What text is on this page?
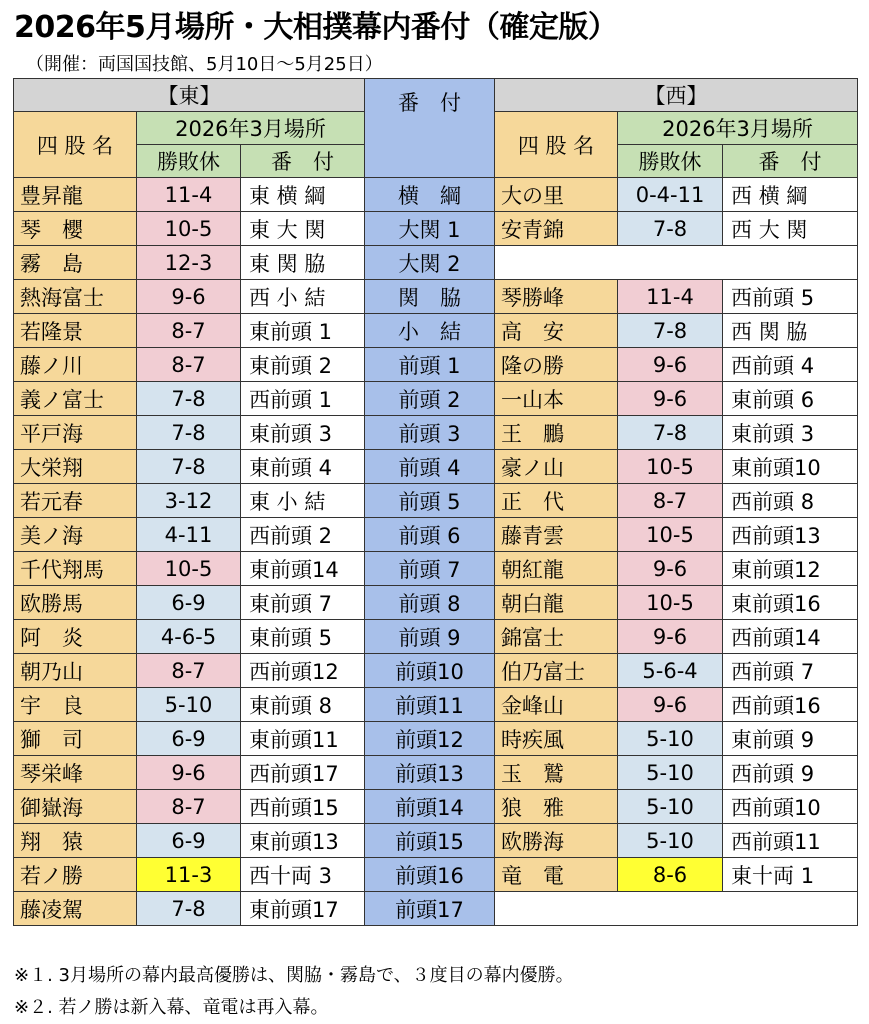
2026年5月場所・大相撲幕内番付（確定版）
（開催：両国国技館、5月10日〜5月25日）
【東】			番　付	【西】		
四 股 名	2026年3月場所			四 股 名	2026年3月場所	
	勝敗休	番　付			勝敗休	番　付
豊昇龍	11-4	東 横 綱	横　綱	大の里	0-4-11	西 横 綱
琴　櫻	10-5	東 大 関	大関 1	安青錦	7-8	西 大 関
霧　島	12-3	東 関 脇	大関 2			
熱海富士	9-6	西 小 結	関　脇	琴勝峰	11-4	西前頭 5
若隆景	8-7	東前頭 1	小　結	高　安	7-8	西 関 脇
藤ノ川	8-7	東前頭 2	前頭 1	隆の勝	9-6	西前頭 4
義ノ富士	7-8	西前頭 1	前頭 2	一山本	9-6	東前頭 6
平戸海	7-8	東前頭 3	前頭 3	王　鵬	7-8	東前頭 3
大栄翔	7-8	東前頭 4	前頭 4	豪ノ山	10-5	東前頭10
若元春	3-12	東 小 結	前頭 5	正　代	8-7	西前頭 8
美ノ海	4-11	西前頭 2	前頭 6	藤青雲	10-5	西前頭13
千代翔馬	10-5	東前頭14	前頭 7	朝紅龍	9-6	東前頭12
欧勝馬	6-9	東前頭 7	前頭 8	朝白龍	10-5	東前頭16
阿　炎	4-6-5	東前頭 5	前頭 9	錦富士	9-6	西前頭14
朝乃山	8-7	西前頭12	前頭10	伯乃富士	5-6-4	西前頭 7
宇　良	5-10	東前頭 8	前頭11	金峰山	9-6	西前頭16
獅　司	6-9	東前頭11	前頭12	時疾風	5-10	東前頭 9
琴栄峰	9-6	西前頭17	前頭13	玉　鷲	5-10	西前頭 9
御嶽海	8-7	西前頭15	前頭14	狼　雅	5-10	西前頭10
翔　猿	6-9	東前頭13	前頭15	欧勝海	5-10	西前頭11
若ノ勝	11-3	西十両 3	前頭16	竜　電	8-6	東十両 1
藤凌駕	7-8	東前頭17	前頭17			
※１. 3月場所の幕内最高優勝は、関脇・霧島で、３度目の幕内優勝。
※２. 若ノ勝は新入幕、竜電は再入幕。
